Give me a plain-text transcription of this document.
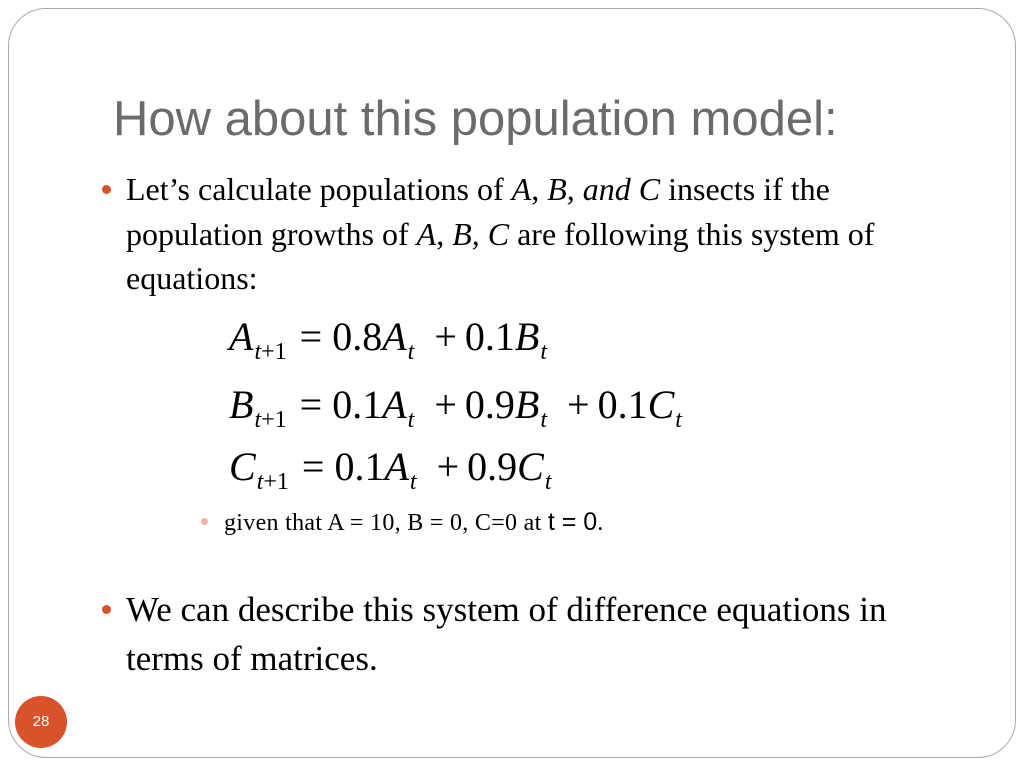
How about this population model:
Let’s calculate populations of A, B, and C insects if the
population growths of A, B, C are following this system of
equations:
A t+1 = 0.8 A t + 0.1 B t
B t+1 = 0.1 A t + 0.9 B t + 0.1 C t
C t+1 = 0.1 A t + 0.9 C t
given that A = 10, B = 0, C=0 at t = 0.
We can describe this system of difference equations in
terms of matrices.
28
